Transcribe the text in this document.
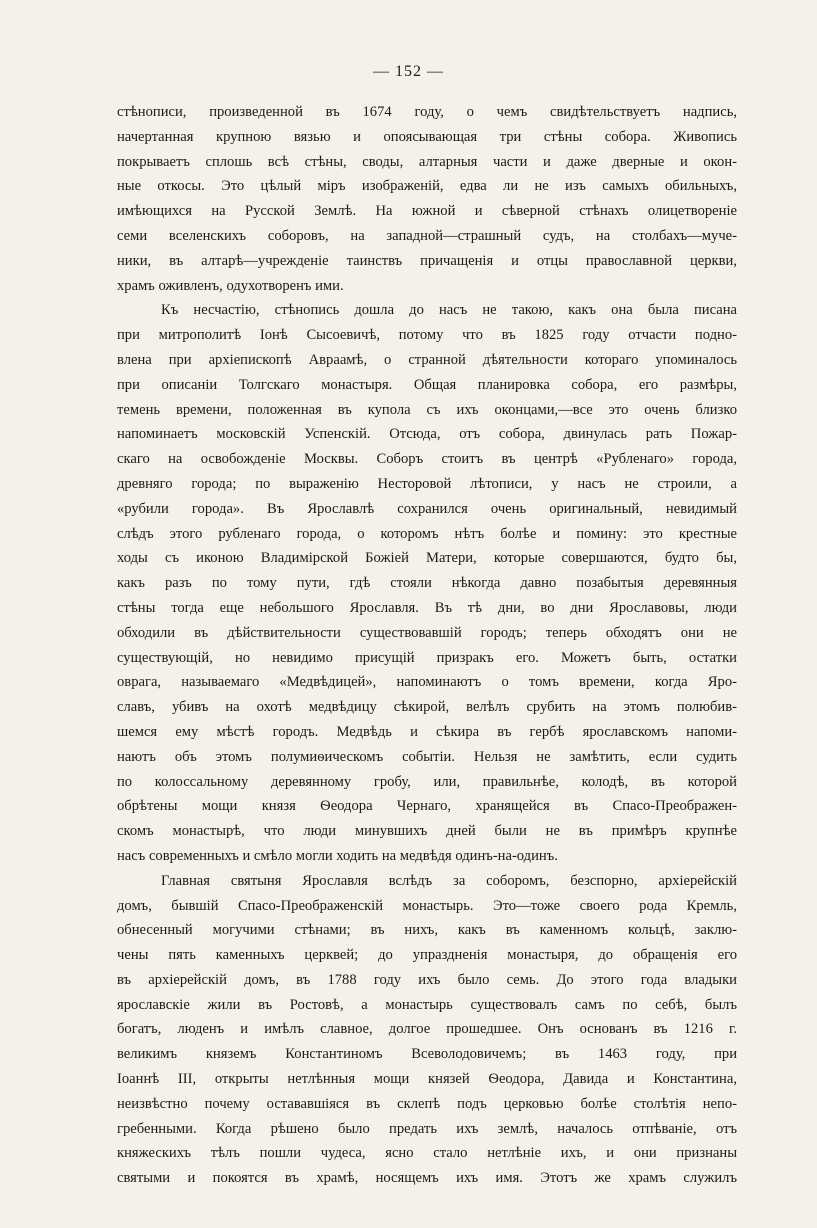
— 152 —
стѣнописи, произведенной въ 1674 году, о чемъ свидѣтельствуетъ надпись,
начертанная крупною вязью и опоясывающая три стѣны собора. Живопись
покрываетъ сплошь всѣ стѣны, своды, алтарныя части и даже дверные и окон-
ные откосы. Это цѣлый міръ изображеній, едва ли не изъ самыхъ обильныхъ,
имѣющихся на Русской Землѣ. На южной и сѣверной стѣнахъ олицетвореніе
семи вселенскихъ соборовъ, на западной—страшный судъ, на столбахъ—муче-
ники, въ алтарѣ—учрежденіе таинствъ причащенія и отцы православной церкви,
храмъ оживленъ, одухотворенъ ими.
Къ несчастію, стѣнопись дошла до насъ не такою, какъ она была писана
при митрополитѣ Іонѣ Сысоевичѣ, потому что въ 1825 году отчасти подно-
влена при архіепископѣ Авраамѣ, о странной дѣятельности котораго упоминалось
при описаніи Толгскаго монастыря. Общая планировка собора, его размѣры,
темень времени, положенная въ купола съ ихъ оконцами,—все это очень близко
напоминаетъ московскій Успенскій. Отсюда, отъ собора, двинулась рать Пожар-
скаго на освобожденіе Москвы. Соборъ стоитъ въ центрѣ «Рубленаго» города,
древняго города; по выраженію Несторовой лѣтописи, у насъ не строили, а
«рубили города». Въ Ярославлѣ сохранился очень оригинальный, невидимый
слѣдъ этого рубленаго города, о которомъ нѣтъ болѣе и помину: это крестные
ходы съ иконою Владимірской Божіей Матери, которые совершаются, будто бы,
какъ разъ по тому пути, гдѣ стояли нѣкогда давно позабытыя деревянныя
стѣны тогда еще небольшого Ярославля. Въ тѣ дни, во дни Ярославовы, люди
обходили въ дѣйствительности существовавшій городъ; теперь обходятъ они не
существующій, но невидимо присущій призракъ его. Можетъ быть, остатки
оврага, называемаго «Медвѣдицей», напоминаютъ о томъ времени, когда Яро-
славъ, убивъ на охотѣ медвѣдицу сѣкирой, велѣлъ срубить на этомъ полюбив-
шемся ему мѣстѣ городъ. Медвѣдь и сѣкира въ гербѣ ярославскомъ напоми-
наютъ объ этомъ полумиѳическомъ событіи. Нельзя не замѣтить, если судить
по колоссальному деревянному гробу, или, правильнѣе, колодѣ, въ которой
обрѣтены мощи князя Ѳеодора Чернаго, хранящейся въ Спасо-Преображен-
скомъ монастырѣ, что люди минувшихъ дней были не въ примѣръ крупнѣе
насъ современныхъ и смѣло могли ходить на медвѣдя одинъ-на-одинъ.
Главная святыня Ярославля вслѣдъ за соборомъ, безспорно, архіерейскій
домъ, бывшій Спасо-Преображенскій монастырь. Это—тоже своего рода Кремль,
обнесенный могучими стѣнами; въ нихъ, какъ въ каменномъ кольцѣ, заклю-
чены пять каменныхъ церквей; до упраздненія монастыря, до обращенія его
въ архіерейскій домъ, въ 1788 году ихъ было семь. До этого года владыки
ярославскіе жили въ Ростовѣ, а монастырь существовалъ самъ по себѣ, былъ
богатъ, люденъ и имѣлъ славное, долгое прошедшее. Онъ основанъ въ 1216 г.
великимъ княземъ Константиномъ Всеволодовичемъ; въ 1463 году, при
Іоаннѣ III, открыты нетлѣнныя мощи князей Ѳеодора, Давида и Константина,
неизвѣстно почему остававшіяся въ склепѣ подъ церковью болѣе столѣтія непо-
гребенными. Когда рѣшено было предать ихъ землѣ, началось отпѣваніе, отъ
княжескихъ тѣлъ пошли чудеса, ясно стало нетлѣніе ихъ, и они признаны
святыми и покоятся въ храмѣ, носящемъ ихъ имя. Этотъ же храмъ служилъ
